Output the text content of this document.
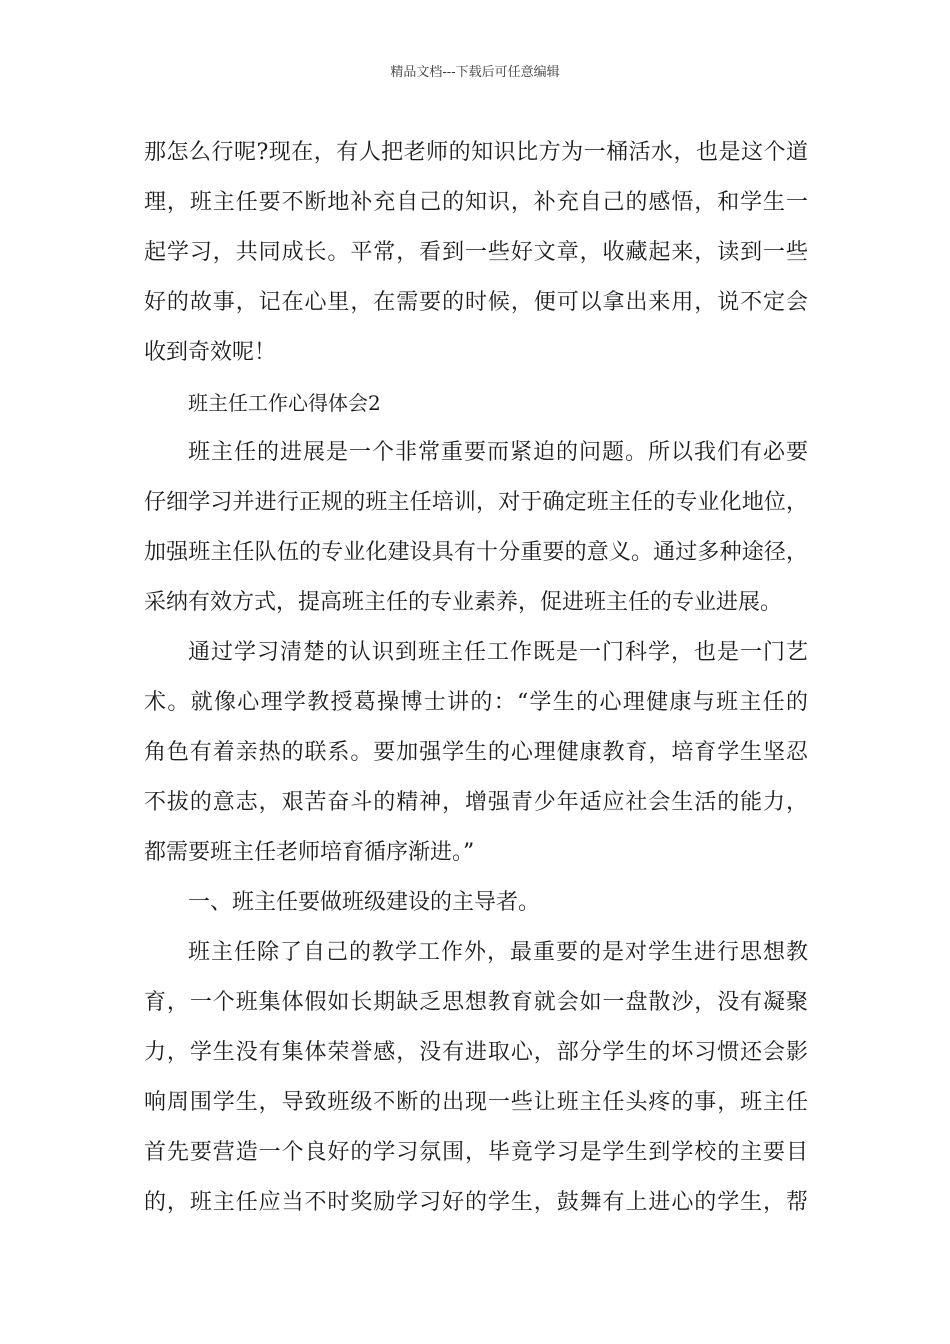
精品文档---下载后可任意编辑
那怎么行呢?现在，有人把老师的知识比方为一桶活水，也是这个道
理，班主任要不断地补充自己的知识，补充自己的感悟，和学生一
起学习，共同成长。平常，看到一些好文章，收藏起来，读到一些
好的故事，记在心里，在需要的时候，便可以拿出来用，说不定会
收到奇效呢！
班主任工作心得体会2
班主任的进展是一个非常重要而紧迫的问题。所以我们有必要
仔细学习并进行正规的班主任培训，对于确定班主任的专业化地位，
加强班主任队伍的专业化建设具有十分重要的意义。通过多种途径，
采纳有效方式，提高班主任的专业素养，促进班主任的专业进展。
通过学习清楚的认识到班主任工作既是一门科学，也是一门艺
术。就像心理学教授葛操博士讲的：“学生的心理健康与班主任的
角色有着亲热的联系。要加强学生的心理健康教育，培育学生坚忍
不拔的意志，艰苦奋斗的精神，增强青少年适应社会生活的能力，
都需要班主任老师培育循序渐进。”
一、班主任要做班级建设的主导者。
班主任除了自己的教学工作外，最重要的是对学生进行思想教
育，一个班集体假如长期缺乏思想教育就会如一盘散沙，没有凝聚
力，学生没有集体荣誉感，没有进取心，部分学生的坏习惯还会影
响周围学生，导致班级不断的出现一些让班主任头疼的事，班主任
首先要营造一个良好的学习氛围，毕竟学习是学生到学校的主要目
的，班主任应当不时奖励学习好的学生，鼓舞有上进心的学生，帮
